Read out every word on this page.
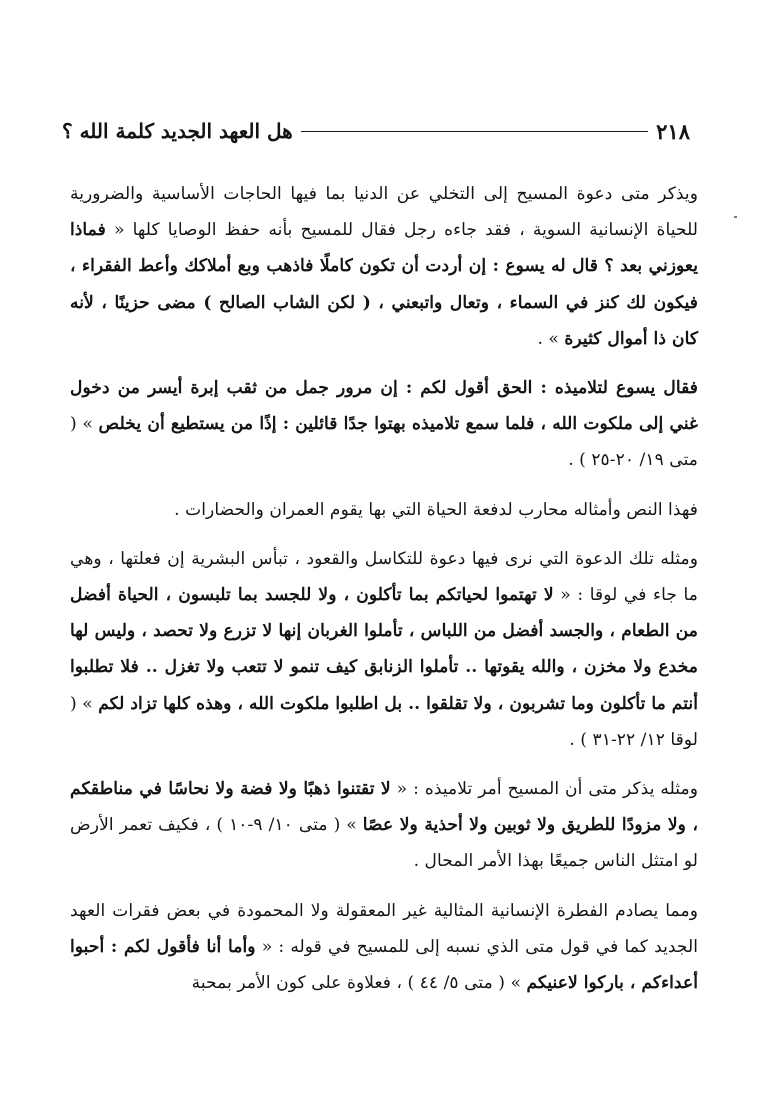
٢١٨
هل العهد الجديد كلمة الله ؟

ويذكر متى دعوة المسيح إلى التخلي عن الدنيا بما فيها الحاجات الأساسية والضرورية للحياة الإنسانية السوية ، فقد جاءه رجل فقال للمسيح بأنه حفظ الوصايا كلها « فماذا يعوزني بعد ؟ قال له يسوع : إن أردت أن تكون كاملًا فاذهب وبع أملاكك وأعط الفقراء ، فيكون لك كنز في السماء ، وتعال واتبعني ، ( لكن الشاب الصالح ) مضى حزينًا ، لأنه كان ذا أموال كثيرة » .

فقال يسوع لتلاميذه : الحق أقول لكم : إن مرور جمل من ثقب إبرة أيسر من دخول غني إلى ملكوت الله ، فلما سمع تلاميذه بهتوا جدًا قائلين : إذًا من يستطيع أن يخلص » ( متى ١٩/ ٢٠-٢٥ ) .

فهذا النص وأمثاله محارب لدفعة الحياة التي بها يقوم العمران والحضارات .

ومثله تلك الدعوة التي نرى فيها دعوة للتكاسل والقعود ، تبأس البشرية إن فعلتها ، وهي ما جاء في لوقا : « لا تهتموا لحياتكم بما تأكلون ، ولا للجسد بما تلبسون ، الحياة أفضل من الطعام ، والجسد أفضل من اللباس ، تأملوا الغربان إنها لا تزرع ولا تحصد ، وليس لها مخدع ولا مخزن ، والله يقوتها .. تأملوا الزنابق كيف تنمو لا تتعب ولا تغزل .. فلا تطلبوا أنتم ما تأكلون وما تشربون ، ولا تقلقوا .. بل اطلبوا ملكوت الله ، وهذه كلها تزاد لكم » ( لوقا ١٢/ ٢٢-٣١ ) .

ومثله يذكر متى أن المسيح أمر تلاميذه : « لا تقتنوا ذهبًا ولا فضة ولا نحاسًا في مناطقكم ، ولا مزودًا للطريق ولا ثوبين ولا أحذية ولا عصًا » ( متى ١٠/ ٩-١٠ ) ، فكيف تعمر الأرض لو امتثل الناس جميعًا بهذا الأمر المحال .

ومما يصادم الفطرة الإنسانية المثالية غير المعقولة ولا المحمودة في بعض فقرات العهد الجديد كما في قول متى الذي نسبه إلى للمسيح في قوله : « وأما أنا فأقول لكم : أحبوا أعداءكم ، باركوا لاعنيكم » ( متى ٥/ ٤٤ ) ، فعلاوة على كون الأمر بمحبة
